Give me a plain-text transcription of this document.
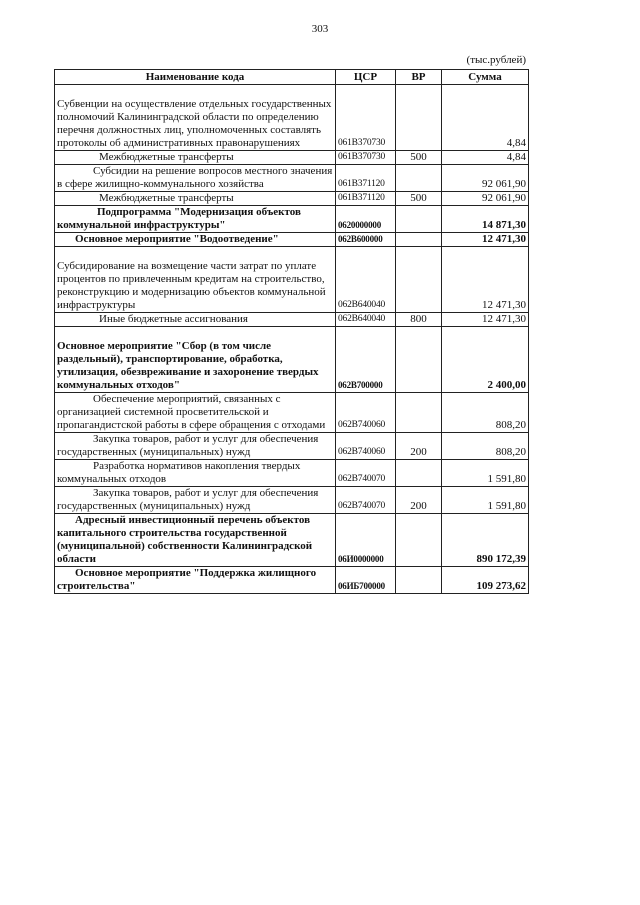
303
(тыс.рублей)
Наименование кода	ЦСР	ВР	Сумма

Субвенции на осуществление отдельных государственных полномочий Калининградской области по определению перечня должностных лиц, уполномоченных составлять протоколы об административных правонарушениях	061В370730		4,84
Межбюджетные трансферты	061В370730	500	4,84
Субсидии на решение вопросов местного значения в сфере жилищно-коммунального хозяйства	061В371120		92 061,90
Межбюджетные трансферты	061В371120	500	92 061,90
Подпрограмма "Модернизация объектов коммунальной инфраструктуры"	0620000000		14 871,30
Основное мероприятие "Водоотведение"	062В600000		12 471,30

Субсидирование на возмещение части затрат по уплате процентов по привлеченным кредитам на строительство, реконструкцию и модернизацию объектов коммунальной инфраструктуры	062В640040		12 471,30
Иные бюджетные ассигнования	062В640040	800	12 471,30

Основное мероприятие "Сбор (в том числе раздельный), транспортирование, обработка, утилизация, обезвреживание и захоронение твердых коммунальных отходов"	062В700000		2 400,00
Обеспечение мероприятий, связанных с организацией системной просветительской и пропагандистской работы в сфере обращения с отходами	062В740060		808,20
Закупка товаров, работ и услуг для обеспечения государственных (муниципальных) нужд	062В740060	200	808,20
Разработка нормативов накопления твердых коммунальных отходов	062В740070		1 591,80
Закупка товаров, работ и услуг для обеспечения государственных (муниципальных) нужд	062В740070	200	1 591,80
Адресный инвестиционный перечень объектов капитального строительства государственной (муниципальной) собственности Калининградской области	06И0000000		890 172,39
Основное мероприятие "Поддержка жилищного строительства"	06ИБ700000		109 273,62
